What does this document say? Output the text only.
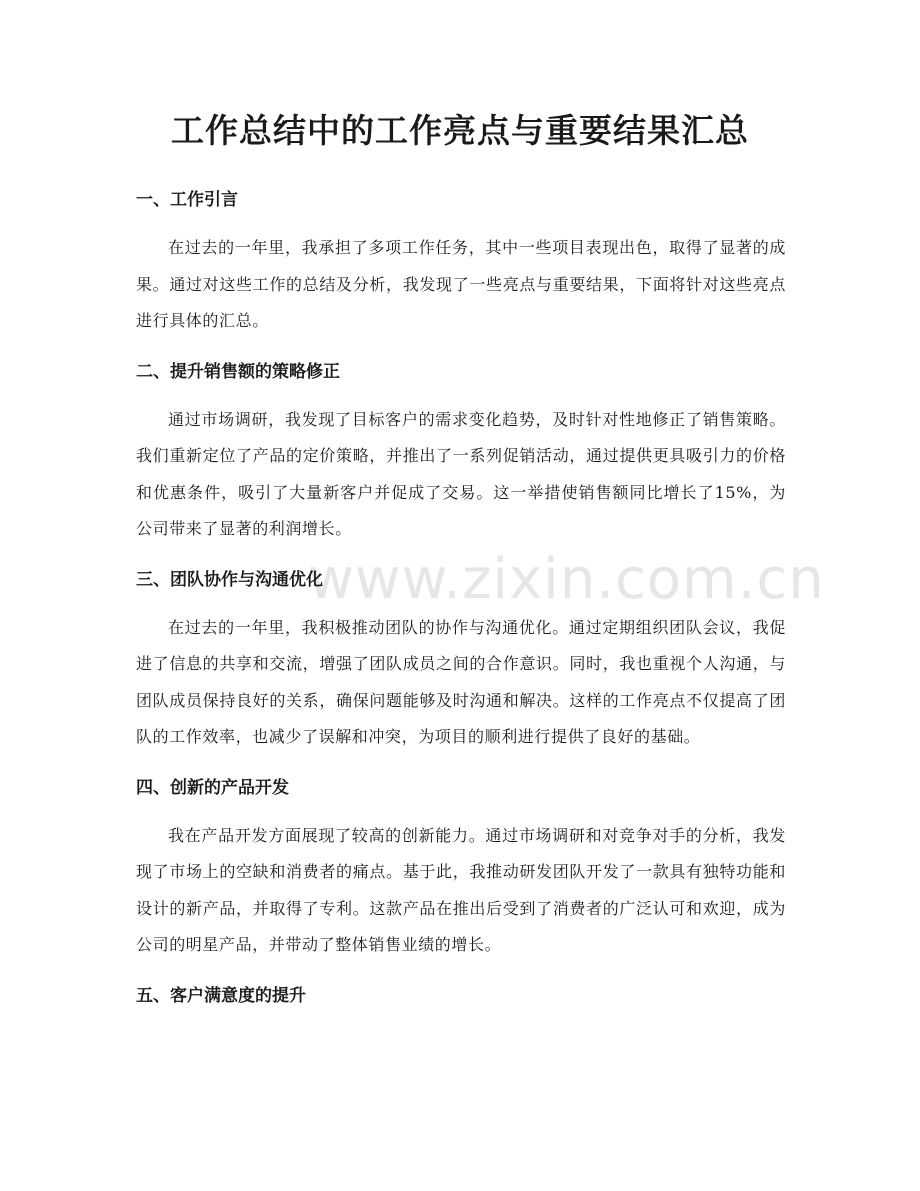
www.zixin.com.cn
工作总结中的工作亮点与重要结果汇总
一、工作引言

在过去的一年里，我承担了多项工作任务，其中一些项目表现出色，取得了显著的成果。通过对这些工作的总结及分析，我发现了一些亮点与重要结果，下面将针对这些亮点进行具体的汇总。

二、提升销售额的策略修正

通过市场调研，我发现了目标客户的需求变化趋势，及时针对性地修正了销售策略。我们重新定位了产品的定价策略，并推出了一系列促销活动，通过提供更具吸引力的价格和优惠条件，吸引了大量新客户并促成了交易。这一举措使销售额同比增长了15%，为公司带来了显著的利润增长。

三、团队协作与沟通优化

在过去的一年里，我积极推动团队的协作与沟通优化。通过定期组织团队会议，我促进了信息的共享和交流，增强了团队成员之间的合作意识。同时，我也重视个人沟通，与团队成员保持良好的关系，确保问题能够及时沟通和解决。这样的工作亮点不仅提高了团队的工作效率，也减少了误解和冲突，为项目的顺利进行提供了良好的基础。

四、创新的产品开发

我在产品开发方面展现了较高的创新能力。通过市场调研和对竞争对手的分析，我发现了市场上的空缺和消费者的痛点。基于此，我推动研发团队开发了一款具有独特功能和设计的新产品，并取得了专利。这款产品在推出后受到了消费者的广泛认可和欢迎，成为公司的明星产品，并带动了整体销售业绩的增长。

五、客户满意度的提升
